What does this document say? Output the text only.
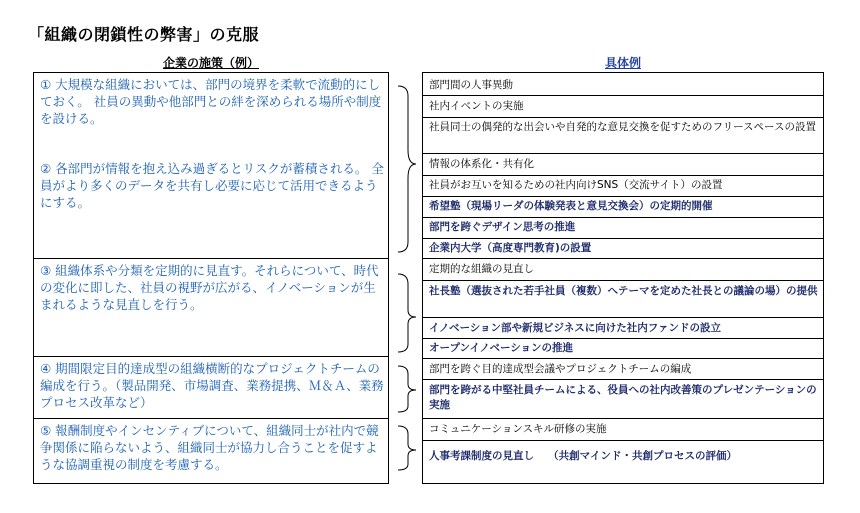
「組織の閉鎖性の弊害」の克服
企業の施策（例）	具体例
① 大規模な組織においては、部門の境界を柔軟で流動的にしておく。 社員の異動や他部門との絆を深められる場所や制度を設ける。
② 各部門が情報を抱え込み過ぎるとリスクが蓄積される。 全員がより多くのデータを共有し必要に応じて活用できるようにする。
③ 組織体系や分類を定期的に見直す。それらについて、時代の変化に即した、社員の視野が広がる、イノベーションが生まれるような見直しを行う。
④ 期間限定目的達成型の組織横断的なプロジェクトチームの編成を行う。（製品開発、市場調査、業務提携、Ｍ＆Ａ、業務プロセス改革など）
⑤ 報酬制度やインセンティブについて、組織同士が社内で競争関係に陥らないよう、組織同士が協力し合うことを促すような協調重視の制度を考慮する。
部門間の人事異動
社内イベントの実施
社員同士の偶発的な出会いや自発的な意見交換を促すためのフリースペースの設置
情報の体系化・共有化
社員がお互いを知るための社内向けSNS（交流サイト）の設置
希望塾（現場リーダの体験発表と意見交換会）の定期的開催
部門を跨ぐデザイン思考の推進
企業内大学（高度専門教育)の設置
定期的な組織の見直し
社長塾（選抜された若手社員（複数）へテーマを定めた社長との議論の場）の提供
イノベーション部や新規ビジネスに向けた社内ファンドの設立
オープンイノベーションの推進
部門を跨ぐ目的達成型会議やプロジェクトチームの編成
部門を跨がる中堅社員チームによる、役員への社内改善策のプレゼンテーションの実施
コミュニケーションスキル研修の実施
人事考課制度の見直し　 （共創マインド・共創プロセスの評価）
